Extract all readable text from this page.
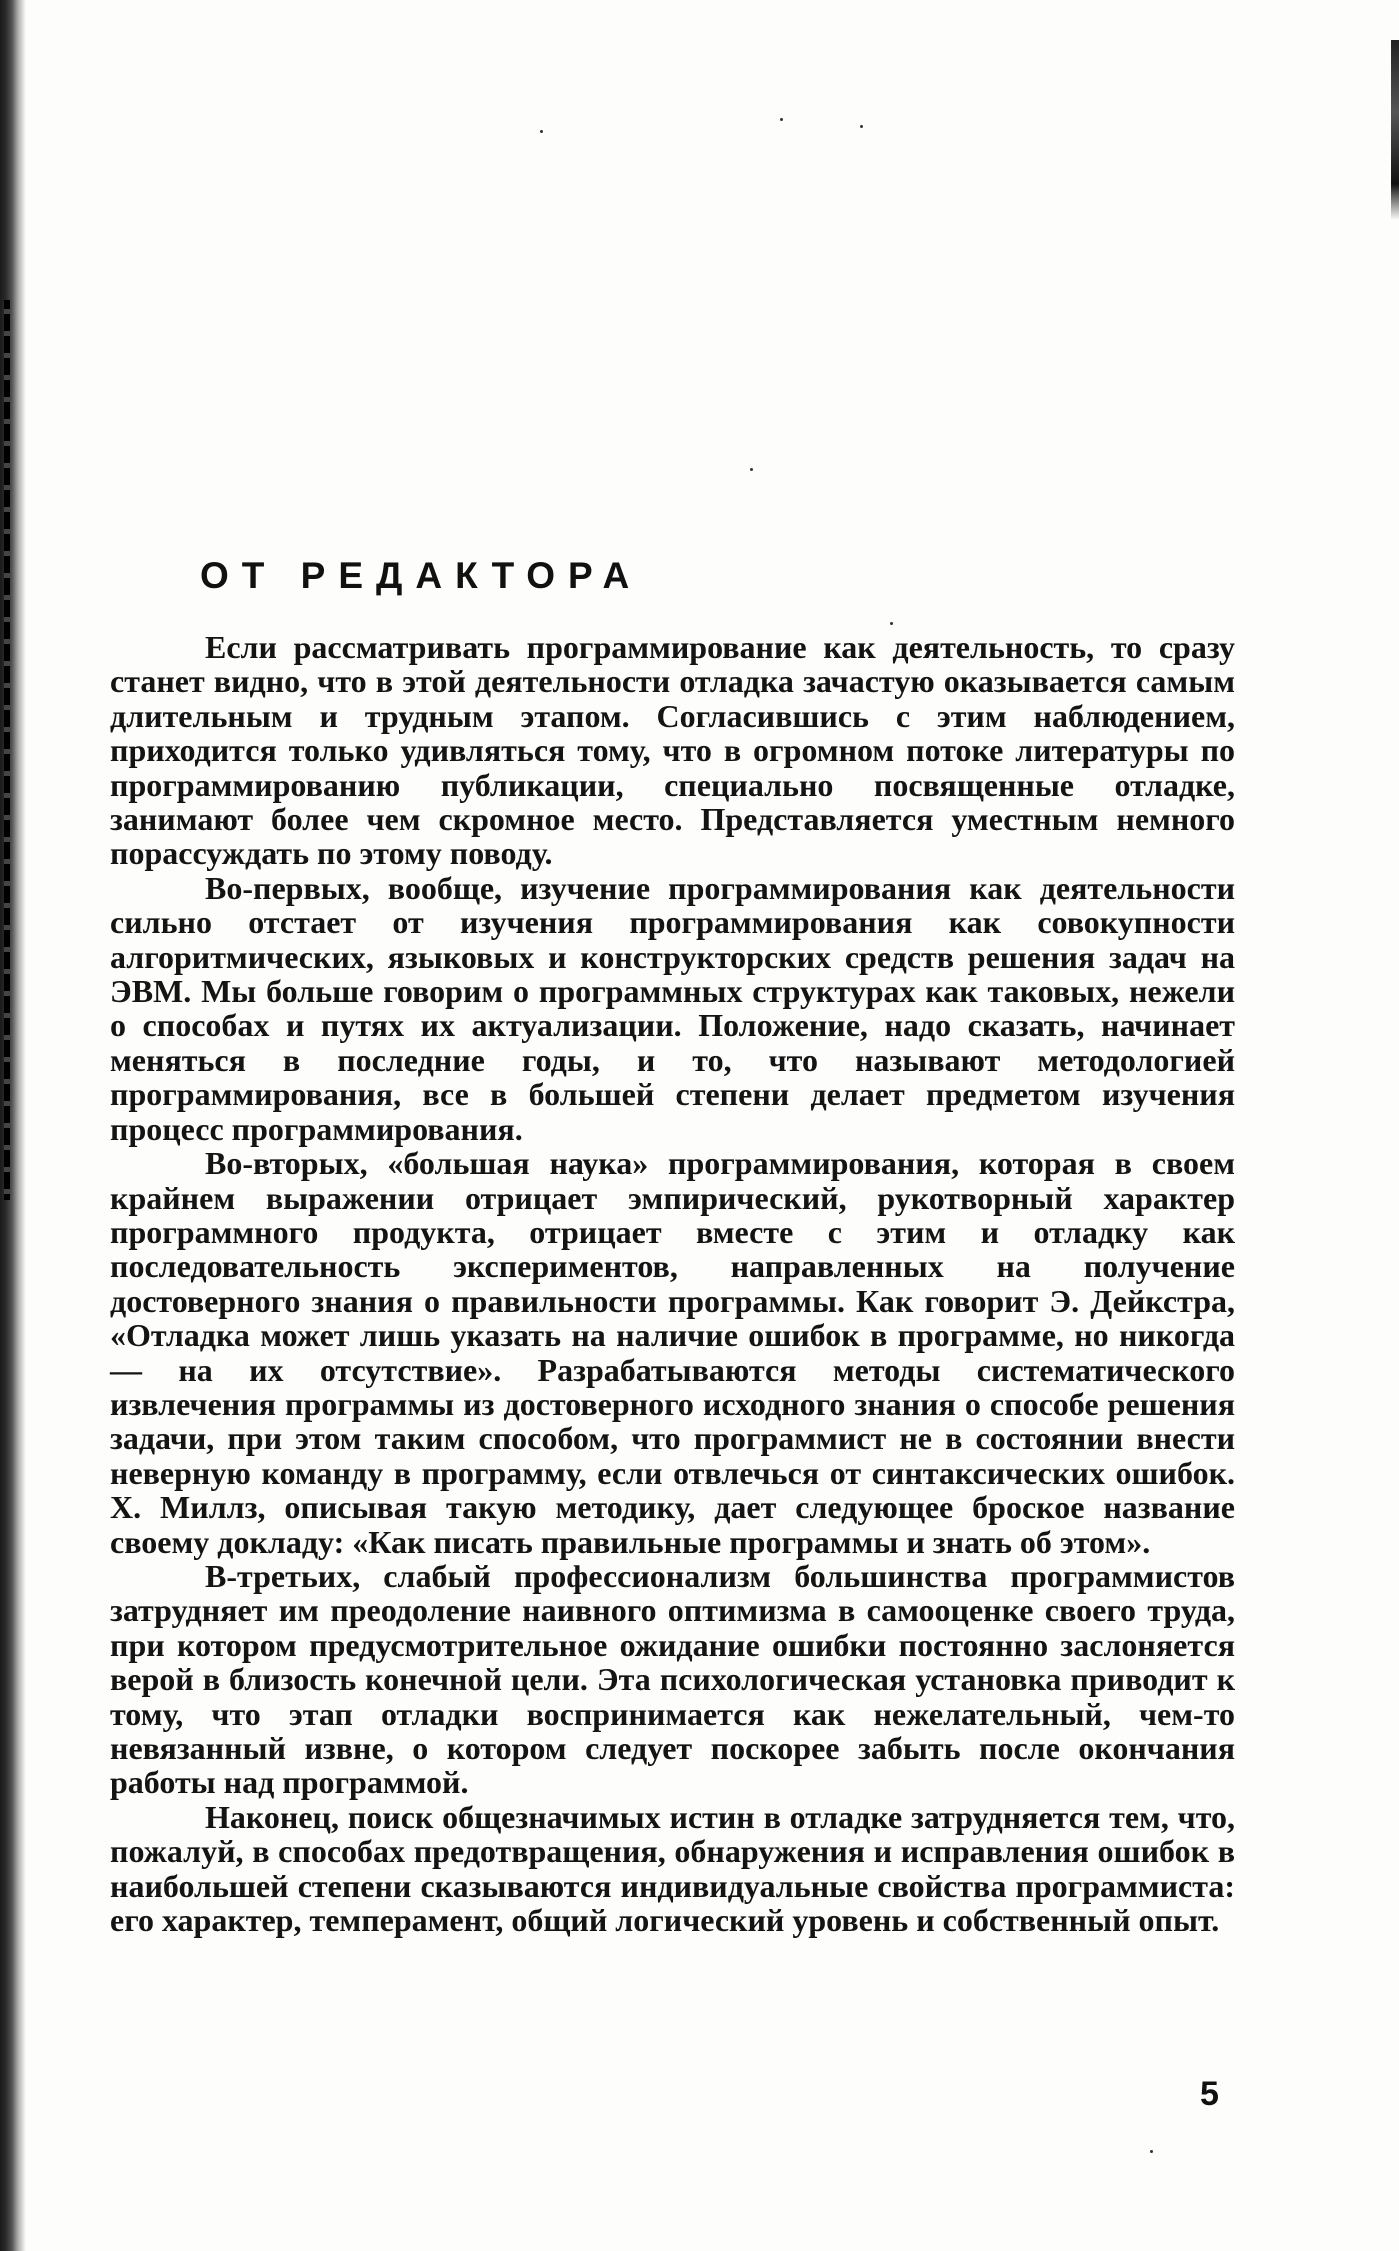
ОТ РЕДАКТОРА

Если рассматривать программирование как деятельность, то сразу станет видно, что в этой деятельности отладка зачастую оказывается самым длительным и трудным этапом. Согласившись с этим наблюдением, приходится только удивляться тому, что в огромном потоке литературы по программированию публикации, специально посвященные отладке, занимают более чем скромное место. Представляется уместным немного порассуждать по этому поводу.

Во-первых, вообще, изучение программирования как деятельности сильно отстает от изучения программирования как совокупности алгоритмических, языковых и конструкторских средств решения задач на ЭВМ. Мы больше говорим о программных структурах как таковых, нежели о способах и путях их актуализации. Положение, надо сказать, начинает меняться в последние годы, и то, что называют методологией программирования, все в большей степени делает предметом изучения процесс программирования.

Во-вторых, «большая наука» программирования, которая в своем крайнем выражении отрицает эмпирический, рукотворный характер программного продукта, отрицает вместе с этим и отладку как последовательность экспериментов, направленных на получение достоверного знания о правильности программы. Как говорит Э. Дейкстра, «Отладка может лишь указать на наличие ошибок в программе, но никогда — на их отсутствие». Разрабатываются методы систематического извлечения программы из достоверного исходного знания о способе решения задачи, при этом таким способом, что программист не в состоянии внести неверную команду в программу, если отвлечься от синтаксических ошибок. Х. Миллз, описывая такую методику, дает следующее броское название своему докладу: «Как писать правильные программы и знать об этом».

В-третьих, слабый профессионализм большинства программистов затрудняет им преодоление наивного оптимизма в самооценке своего труда, при котором предусмотрительное ожидание ошибки постоянно заслоняется верой в близость конечной цели. Эта психологическая установка приводит к тому, что этап отладки воспринимается как нежелательный, чем-то невязанный извне, о котором следует поскорее забыть после окончания работы над программой.

Наконец, поиск общезначимых истин в отладке затрудняется тем, что, пожалуй, в способах предотвращения, обнаружения и исправления ошибок в наибольшей степени сказываются индивидуальные свойства программиста: его характер, темперамент, общий логический уровень и собственный опыт.

5
